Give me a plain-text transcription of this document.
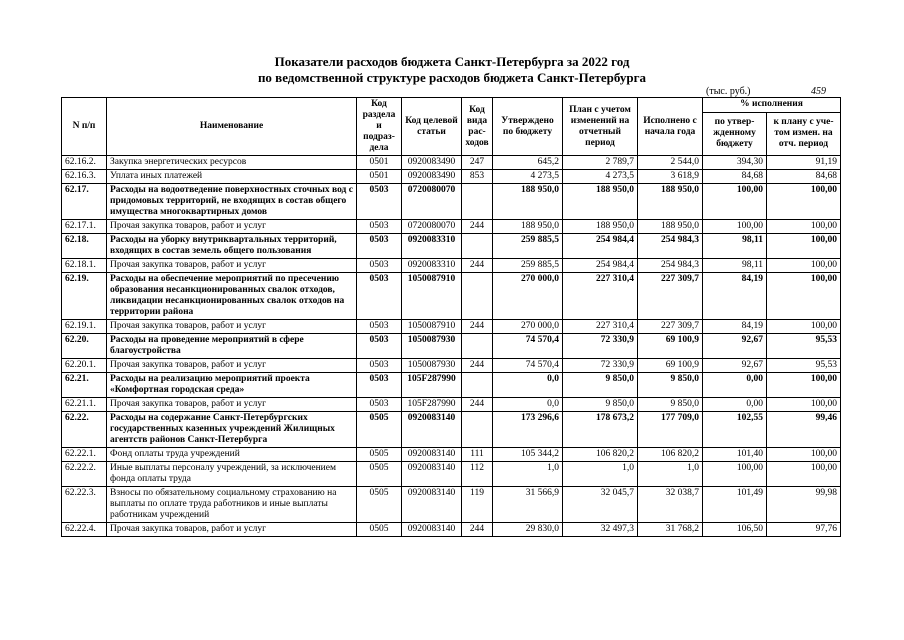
Показатели расходов бюджета Санкт-Петербурга за 2022 год
по ведомственной структуре расходов бюджета Санкт-Петербурга
(тыс. руб.)	459
N п/п	Наименование	Код раздела и подраз-дела	Код целевой статьи	Код вида рас-ходов	Утверждено по бюджету	План с учетом изменений на отчетный период	Исполнено с начала года	% исполнения	
								по утвер-жденному бюджету	к плану с уче-том измен. на отч. период
62.16.2.	Закупка энергетических ресурсов	0501	0920083490	247	645,2	2 789,7	2 544,0	394,30	91,19
62.16.3.	Уплата иных платежей	0501	0920083490	853	4 273,5	4 273,5	3 618,9	84,68	84,68
62.17.	Расходы на водоотведение поверхностных сточных вод с придомовых территорий, не входящих в состав общего имущества многоквартирных домов	0503	0720080070		188 950,0	188 950,0	188 950,0	100,00	100,00
62.17.1.	Прочая закупка товаров, работ и услуг	0503	0720080070	244	188 950,0	188 950,0	188 950,0	100,00	100,00
62.18.	Расходы на уборку внутриквартальных территорий, входящих в состав земель общего пользования	0503	0920083310		259 885,5	254 984,4	254 984,3	98,11	100,00
62.18.1.	Прочая закупка товаров, работ и услуг	0503	0920083310	244	259 885,5	254 984,4	254 984,3	98,11	100,00
62.19.	Расходы на обеспечение мероприятий по пресечению образования несанкционированных свалок отходов, ликвидации несанкционированных свалок отходов на территории района	0503	1050087910		270 000,0	227 310,4	227 309,7	84,19	100,00
62.19.1.	Прочая закупка товаров, работ и услуг	0503	1050087910	244	270 000,0	227 310,4	227 309,7	84,19	100,00
62.20.	Расходы на проведение мероприятий в сфере благоустройства	0503	1050087930		74 570,4	72 330,9	69 100,9	92,67	95,53
62.20.1.	Прочая закупка товаров, работ и услуг	0503	1050087930	244	74 570,4	72 330,9	69 100,9	92,67	95,53
62.21.	Расходы на реализацию мероприятий проекта «Комфортная городская среда»	0503	105F287990		0,0	9 850,0	9 850,0	0,00	100,00
62.21.1.	Прочая закупка товаров, работ и услуг	0503	105F287990	244	0,0	9 850,0	9 850,0	0,00	100,00
62.22.	Расходы на содержание Санкт-Петербургских государственных казенных учреждений Жилищных агентств районов Санкт-Петербурга	0505	0920083140		173 296,6	178 673,2	177 709,0	102,55	99,46
62.22.1.	Фонд оплаты труда учреждений	0505	0920083140	111	105 344,2	106 820,2	106 820,2	101,40	100,00
62.22.2.	Иные выплаты персоналу учреждений, за исключением фонда оплаты труда	0505	0920083140	112	1,0	1,0	1,0	100,00	100,00
62.22.3.	Взносы по обязательному социальному страхованию на выплаты по оплате труда работников и иные выплаты работникам учреждений	0505	0920083140	119	31 566,9	32 045,7	32 038,7	101,49	99,98
62.22.4.	Прочая закупка товаров, работ и услуг	0505	0920083140	244	29 830,0	32 497,3	31 768,2	106,50	97,76
